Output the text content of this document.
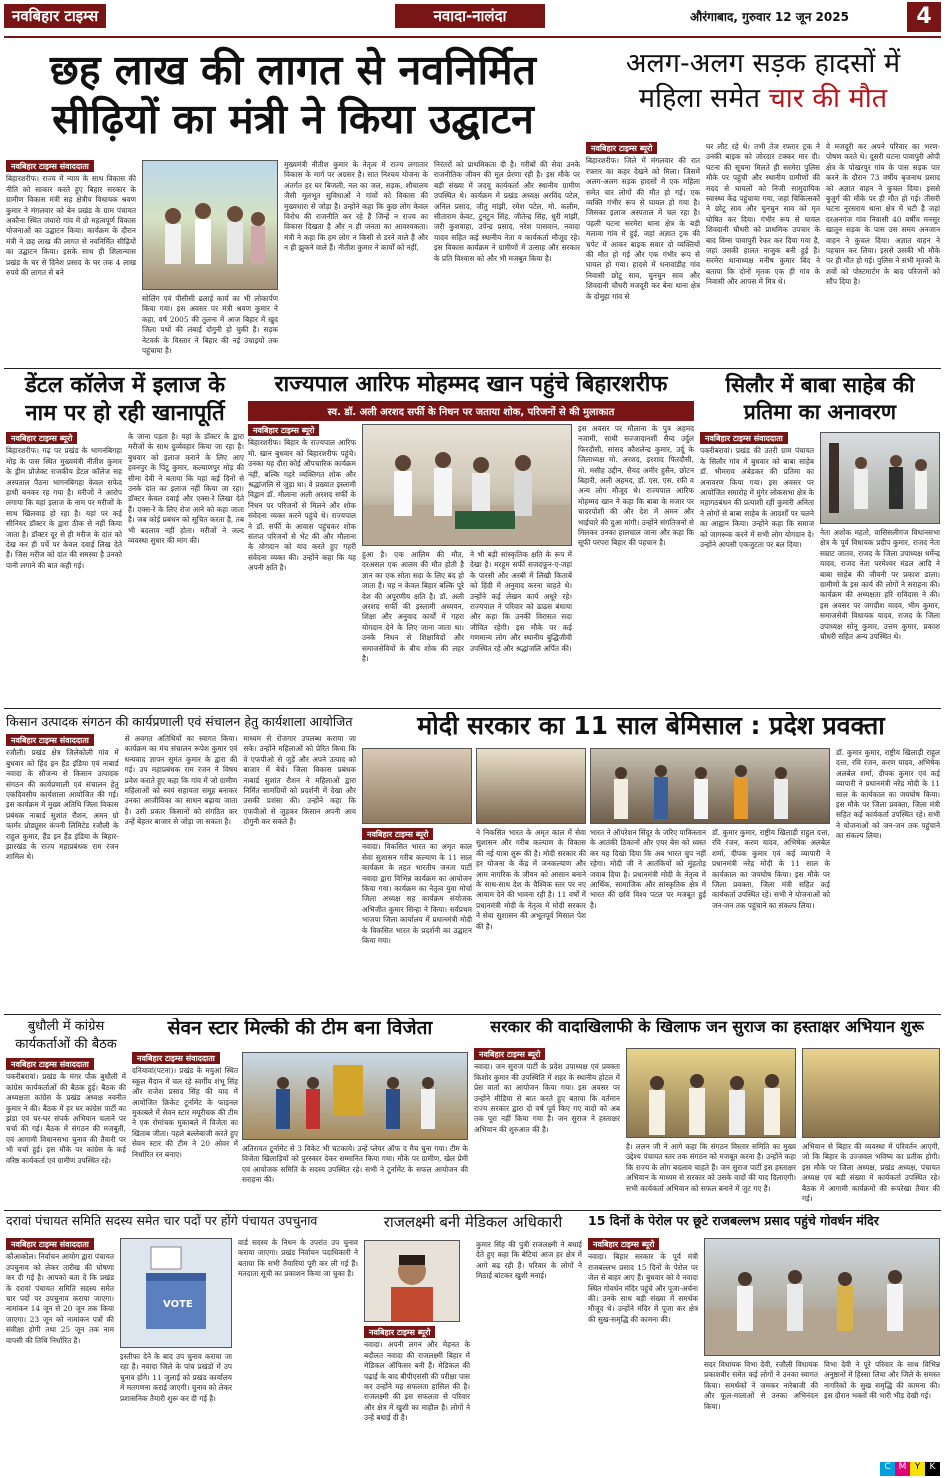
नवबिहार टाइम्स	नवादा-नालंदा	औरंगाबाद, गुरुवार 12 जून 2025	4
छह लाख की लागत से नवनिर्मित
सीढ़ियों का मंत्री ने किया उद्घाटन
नवबिहार टाइम्स संवाददाता
बिहारशरीफ। राज्य में न्याय के साथ विकास की नीति को साकार करते हुए बिहार सरकार के ग्रामीण विकास मंत्री सह क्षेत्रीय विधायक श्रवण कुमार ने मंगलवार को बेन प्रखंड के ग्राम पंचायत अकौना स्थित जंघारो गांव में दो महत्वपूर्ण विकास योजनाओं का उद्घाटन किया। कार्यक्रम के दौरान मंत्री ने छह लाख की लागत से नवनिर्मित सीढ़ियों का उद्घाटन किया। इसके साथ ही शिलान्यास प्रखंड के घर से दिनेश प्रसाद के घर तक 4 लाख रुपये की लागत से बने
सोलिंग एवं पीसीसी ढलाई कार्य का भी लोकार्पण किया गया। इस अवसर पर मंत्री श्रवण कुमार ने कहा, वर्ष 2005 की तुलना में आज बिहार में खुद जिला पथों की लंबाई दोगुनी हो चुकी है। सड़क नेटवर्क के विस्तार ने बिहार की नई उंचाइयों तक पहुंचाया है।
मुख्यमंत्री नीतीश कुमार के नेतृत्व में राज्य लगातार विकास के मार्ग पर अग्रसर है। सात निश्चय योजना के अंतर्गत हर घर बिजली, नल का जल, सड़क, शौचालय जैसी मूलभूत सुविधाओं ने गांवों को विकास की मुख्यधारा से जोड़ा है। उन्होंने कहा कि कुछ लोग केवल विरोध की राजनीति कर रहे हैं जिन्हें न राज्य का विकास दिखता है और न ही जनता का आवश्यकता। मंत्री ने कहा कि हम लोग न किसी से डरने वाले हैं और न ही झुकने वाले हैं। नीतीश कुमार ने कार्यों को नहीं,
निरंतरों को प्राथमिकता दी है। गरीबों की सेवा उनके राजनीतिक जीवन की मूल प्रेरणा रही है। इस मौके पर बड़ी संख्या में जदयू कार्यकर्ता और स्थानीय ग्रामीण उपस्थित थे। कार्यक्रम में प्रखंड अध्यक्ष अरविंद पटेल, अनिल प्रसाद, जीतु मांझी, रमेश पटेल, मो. कलीम, सीताराम केवट, टुनटुन सिंह, जीतेन्द्र सिंह, धुरी मांझी, जरी कुशवाहा, उपेन्द्र प्रसाद, नरेश पासवान, नवादा यादव सहित कई स्थानीय नेता व कार्यकर्ता मौजूद रहे। इस विकास कार्यक्रम ने ग्रामीणों में उत्साह और सरकार के प्रति विश्वास को और भी मजबूत किया है।
अलग-अलग सड़क हादसों में
महिला समेत चार की मौत
नवबिहार टाइम्स ब्यूरो
बिहारशरीफ। जिले में मंगलवार की रात रफ्तार का कहर देखने को मिला। जिसमें अलग-अलग सड़क हादसों में एक महिला समेत चार लोगों की मौत हो गई। एक व्यक्ति गंभीर रूप से घायल हो गया है। जिसका इलाज अस्पताल में चल रहा है। पहली घटना सरमेरा थाना क्षेत्र के बड़ी मलावा गांव में हुई, जहां अज्ञात ट्रक की चपेट में आकर बाइक सवार दो व्यक्तियों की मौत हो गई और एक गंभीर रूप से घायल हो गया। हादसे में धनावांडीह गांव निवासी छोटू साव, चुनचुन साव और शिवदानी चौधरी मजदूरी कर बेना थाना क्षेत्र के दोमुहा गांव से
घर लौट रहे थे। तभी तेज रफ्तार ट्रक ने उनकी बाइक को जोरदार टक्कर मार दी। घटना की सूचना मिलते ही सरमेरा पुलिस मौके पर पहुंची और स्थानीय ग्रामीणों की मदद से घायलों को निजी सामुदायिक स्वास्थ्य केंद्र पहुंचाया गया, जहां चिकित्सकों ने छोटू साव और चुनचुन साव को मृत घोषित कर दिया। गंभीर रूप से घायल शिवदानी चौधरी को प्राथमिक उपचार के बाद विम्स पावापुरी रेफर कर दिया गया है, जहां उसकी हालत नाजुक बनी हुई है। सरमेरा थानाध्यक्ष मनीष कुमार बिंद ने बताया कि दोनों मृतक एक ही गांव के निवासी और आपस में मित्र थे।
वे मजदूरी कर अपने परिवार का भरण-पोषण करते थे। दूसरी घटना पावापुरी ओपी क्षेत्र के पोखरपुर गांव के पास सड़क पार करने के दौरान 73 वर्षीय बृजनाथ प्रसाद को अज्ञात वाहन ने कुचल दिया। इससे बुजुर्ग की मौके पर ही मौत हो गई। तीसरी घटना नूरसराय थाना क्षेत्र में घटी है जहां दरअनगंज गांव निवासी 40 वर्षीय मनसूर खातून सड़क के पास उस समय अनजान वाहन ने कुचल दिया। अज्ञात वाहन ने पहचान कर लिया। इससे उसकी भी मौके पर ही मौत हो गई। पुलिस ने सभी मृतकों के शवों को पोस्टमार्टम के बाद परिजनों को सौंप दिया है।
डेंटल कॉलेज में इलाज के
नाम पर हो रही खानापूर्ति
नवबिहार टाइम्स ब्यूरो
बिहारशरीफ। गढ़ पर प्रखंड के भागनबिगहा मोड़ के पास स्थित मुख्यमंत्री नीतीश कुमार के ड्रीम प्रोजेक्ट राजकीय डेंटल कॉलेज सह अस्पताल पैठना भागनबिगहा केवल सफेद हाथी बनकर रह गया है। मरीजों ने आरोप लगाया कि यहां इलाज के नाम पर मरीजों के साथ खिलवाड़ हो रहा है। यहां पर कई सीनियर डॉक्टर के द्वारा ठीक से नहीं किया जाता है। डॉक्टर दूर से ही मरीज के दांत को देख कर ही पर्चे पर केवल दवाई लिख देते हैं। जिस मरीज को दांत की समस्या है उनको पानी लगाने की बात कही गई।
के जाना पड़ता है। यहां के डॉक्टर के द्वारा मरीजों के साथ दुर्व्यवहार किया जा रहा है। बुधवार को इलाज कराने के लिए आए हवनपुर के पिंटू कुमार, कल्याणपुर मोड़ की सीमा देवी ने बताया कि यहां कई दिनों से उनके दांत का इलाज नहीं किया जा रहा। डॉक्टर केवल दवाई और एक्स-रे लिखा देते हैं। एक्स-रे के लिए रोज आने को कहा जाता है। जब कोई प्रबंधन को सूचित करता है, तब भी बदलाव नहीं होता। मरीजों ने जल्द व्यवस्था सुधार की मांग की।
राज्यपाल आरिफ मोहम्मद खान पहुंचे बिहारशरीफ
स्व. डॉ. अली अरशद सर्फी के निधन पर जताया शोक, परिजनों से की मुलाकात
नवबिहार टाइम्स ब्यूरो
बिहारशरीफ। बिहार के राज्यपाल आरिफ मो. खान बुधवार को बिहारशरीफ पहुंचे। उनका यह दौरा कोई औपचारिक कार्यक्रम नहीं, बल्कि गहरे व्यक्तिगत शोक और श्रद्धांजलि से जुड़ा था। वे प्रख्यात इस्लामी विद्वान डॉ. मौलाना अली अरशद सर्फी के निधन पर परिजनों से मिलने और शोक संवेदना व्यक्त करने पहुंचे थे। राज्यपाल ने डॉ. सर्फी के आवास पहुंचकर शोक संतप्त परिजनों से भेंट की और मौलाना के योगदान को याद करते हुए गहरी संवेदना व्यक्त की। उन्होंने कहा कि यह अपनी क्षति है।
हुआ है। एक आलिम की मौत, दरअसल एक आलम की मौत होती है ज्ञान का एक सोता सदा के लिए बंद हो जाता है। यह न केवल बिहार बल्कि पूरे देश की अपूरणीय क्षति है। डॉ. अली अरशद सर्फी की इस्लामी अध्ययन, शिक्षा और अनुवाद कार्यों में गहरा योगदान देने के लिए जाना जाता था। उनके निधन से शिक्षाविदों और समाजसेवियों के बीच शोक की लहर है।
ने भी बड़ी सांस्कृतिक क्षति के रूप में देखा है। मरहूम सर्फी सजदफून-ए-जहां के पारसी और अरबी में लिखी किताबें को हिंदी में अनुवाद करना चाहते थे। उन्होंने कई लेखन कार्य अधूरे रहे। राज्यपाल ने परिवार को ढाढस बंधाया और कहा कि उनकी विरासत सदा जीवित रहेगी। इस मौके पर कई गणमान्य लोग और स्थानीय बुद्धिजीवी उपस्थित रहे और श्रद्धांजलि अर्पित की।
इस अवसर पर मौलाना के पुत्र अहमद नजामी, साथी सज्जादानशीं सैय्द उर्दुल फिरदौसी, सांसद कौशलेन्द्र कुमार, उर्दू के जिलाध्यक्ष मो. अरशद, इरशाद फिरदौसी, मो. मसीह उद्दीन, सैयद अमीर हुसैन, छोटन बिहारी, अली अहमद, डॉ. एस. एस. रफी व अन्य लोग मौजूद थे। राज्यपाल आरिफ मोहम्मद खान ने कहा कि बाबा के मजार पर चादरपोशी की और देश में अमन और भाईचारे की दुआ मांगी। उन्होंने संगतिजनों से मिलकर उनका हालचाल जाना और कहा कि सूफी परंपरा बिहार की पहचान है।
सिलौर में बाबा साहेब की
प्रतिमा का अनावरण
नवबिहार टाइम्स संवाददाता
पकरीबरावां। प्रखंड की उतरी ग्राम पंचायत के सिलौर गांव में बुधवार को बाबा साहेब डॉ. भीमराव अंबेडकर की प्रतिमा का अनावरण किया गया। इस अवसर पर आयोजित समारोह में मुंगेर लोकसभा क्षेत्र के महागठबंधन की प्रत्याशी रहीं कुमारी अनिता ने लोगों से बाबा साहेब के आदर्शों पर चलने का आह्वान किया। उन्होंने कहा कि समाज को जागरूक करने में सभी लोग योगदान दें। उन्होंने आपसी एकजुटता पर बल दिया।
नेता अशोक महतो, वासिसलीगंज विधानसभा क्षेत्र के पूर्व विधायक प्रदीप कुमार, राजद नेता सम्राट जातव, राजद के जिला उपाध्यक्ष धर्मेन्द्र यादव, राजद नेता परमेश्वर मंडल आदि ने बाबा साहेब की जीवनी पर प्रकाश डाला। ग्रामीणों के इस कार्य की लोगों ने सराहना की। कार्यक्रम की अध्यक्षता हरि राविदास ने की। इस अवसर पर जगदीश यादव, भीम कुमार, समाजसेवी विधायक यादव, राजद के जिला उपाध्यक्ष सोनू कुमार, उत्तम कुमार, प्रकाश चौधरी सहित अन्य उपस्थित थे।
किसान उत्पादक संगठन की कार्यप्रणाली एवं संचालन हेतु कार्यशाला आयोजित
नवबिहार टाइम्स संवाददाता
रजौली। प्रखंड क्षेत्र जिलेकोली गांव में बुधवार को हिंद इन हैंड इंडिया एवं नाबार्ड नवादा के सौजन्य से किसान उत्पादक संगठन की कार्यप्रणाली एवं संचालन हेतु एकदिवसीय कार्यशाला आयोजित की गई। इस कार्यक्रम में मुख्य अतिथि जिला विकास प्रबंधक नाबार्ड सुशांत रौशन, अमन ग्रो फार्मर प्रोड्यूसर कंपनी लिमिटेड रजौली के राहुल कुमार, हैंड इन हैंड इंडिया के बिहार-झारखंड के राज्य महाप्रबंधक राम रंजन शामिल थे।
से अवगत अतिथियों का स्वागत किया। कार्यक्रम का मंच संचालन रूपेश कुमार एवं धन्यवाद ज्ञापन सुमंत कुमार के द्वारा की गई। उप महाप्रबंधक राम रंजन ने विषय प्रवेश कराते हुए कहा कि गांव में जो ग्रामीण महिलाओं को स्वयं सहायता समूह बनाकर उनका आजीविका का साधन बढ़ाया जाता है। उसी प्रकार किसानों को संगठित कर उन्हें बेहतर बाजार से जोड़ा जा सकता है।
माध्यम से रोजगार उपलब्ध कराया जा सके। उन्होंने महिलाओं को प्रेरित किया कि वे एफपीओ से जुड़ें और अपने उत्पाद को बाजार में बेचें। जिला विकास प्रबंधक नाबार्ड सुशांत रौशन ने महिलाओं द्वारा निर्मित सामग्रियों को प्रदर्शनी में देखा और उसकी प्रशंसा की। उन्होंने कहा कि एफपीओ से जुड़कर किसान अपनी आय दोगुनी कर सकते हैं।
मोदी सरकार का 11 साल बेमिसाल : प्रदेश प्रवक्ता
नवबिहार टाइम्स ब्यूरो
नवादा। विकसित भारत का अमृत काल सेवा सुशासन गरीब कल्याण के 11 साल कार्यक्रम के तहत भारतीय जनता पार्टी नवादा द्वारा विभिन्न कार्यक्रम का आयोजन किया गया। कार्यक्रम का नेतृत्व युवा मोर्चा जिला अध्यक्ष सह कार्यक्रम संयोजक अभिजीत कुमार सिन्हा ने किया। सर्वप्रथम भाजपा जिला कार्यालय में प्रधानमंत्री मोदी के विकसित भारत के प्रदर्शनी का उद्घाटन किया गया।
ने निकसित भारत के अमृत काल में सेवा सुशासन और गरीब कल्याण के विकास की नई यात्रा शुरू की है। मोदी सरकार की हर योजना के केंद्र में जनकल्याण और आम नागरिक के जीवन को आसान बनाने के साथ-साथ देश के वैश्विक स्तर पर नए आयाम देने की भावना रही है। 11 वर्षों में प्रधानमंत्री मोदी के नेतृत्व में मोदी सरकार ने सेवा सुशासन की अभूतपूर्व मिसाल पेश की है।
भारत ने ऑपरेशन सिंदूर के जरिए पाकिस्तान के आतंकी ठिकानों और एयर बेस को ध्वस्त कर यह दिखा दिया कि अब भारत चुप नहीं रहेगा। मोदी जी ने आतंकियों को मुंहतोड़ जवाब दिया है। प्रधानमंत्री मोदी के नेतृत्व में आर्थिक, सामाजिक और सांस्कृतिक क्षेत्र में भारत की छवि विश्व पटल पर मजबूत हुई है।
डॉ. कुमार कुमार, राष्ट्रीय खिलाड़ी राहुल दत्ता, रवि रंजन, करण यादव, अभिषेक अलबेल शर्मा, दीपक कुमार एवं कई व्यापारी ने प्रधानमंत्री नरेंद्र मोदी के 11 साल के कार्यकाल का जयघोष किया। इस मौके पर जिला प्रवक्ता, जिला मंत्री सहित कई कार्यकर्ता उपस्थित रहे। सभी ने योजनाओं को जन-जन तक पहुंचाने का संकल्प लिया।
डॉ. कुमार कुमार, राष्ट्रीय खिलाड़ी राहुल दत्ता, रवि रंजन, करण यादव, अभिषेक अलबेल शर्मा, दीपक कुमार एवं कई व्यापारी ने प्रधानमंत्री नरेंद्र मोदी के 11 साल के कार्यकाल का जयघोष किया। इस मौके पर जिला प्रवक्ता, जिला मंत्री सहित कई कार्यकर्ता उपस्थित रहे। सभी ने योजनाओं को जन-जन तक पहुंचाने का संकल्प लिया।
बुधौली में कांग्रेस
कार्यकर्ताओं की बैठक
नवबिहार टाइम्स संवाददाता
पकरीबरावां। प्रखंड के मंगर पौक बुधौली में कांग्रेस कार्यकर्ताओं की बैठक हुई। बैठक की अध्यक्षता कांग्रेस के प्रखंड अध्यक्ष नवनीत कुमार ने की। बैठक में हर घर कांग्रेस पार्टी का झंडा एवं घर-घर संपर्क अभियान चलाने पर चर्चा की गई। बैठक में संगठन की मजबूती, एवं आगामी विधानसभा चुनाव की तैयारी पर भी चर्चा हुई। इस मौके पर कांग्रेस के कई वरिष्ठ कार्यकर्ता एवं ग्रामीण उपस्थित रहे।
सेवन स्टार मिल्की की टीम बना विजेता
नवबिहार टाइम्स संवाददाता
दनियावां(पटना)। प्रखंड के मयुआं स्थित स्कूल मैदान में चल रहे स्वर्गीय शंभू सिंह और राजेश प्रसाद सिंह की याद में आयोजित क्रिकेट टूर्नामेंट के फाइनल मुकाबले में सेवन स्टार मयूरीचक की टीम ने एक रोमांचक मुकाबले में विजेता का खिताब जीता। पहले बल्लेबाजी करते हुए सेवन स्टार की टीम ने 20 ओवर में निर्धारित रन बनाए।
अतिरायत टूर्नामेंट से 3 विकेट भी चटकाये। उन्हें प्लेयर ऑफ द मैच चुना गया। टीम के विजेता खिलाड़ियों को पुरस्कार देकर सम्मानित किया गया। मौके पर ग्रामीण, खेल प्रेमी एवं आयोजक समिति के सदस्य उपस्थित रहे। सभी ने टूर्नामेंट के सफल आयोजन की सराहना की।
सरकार की वादाखिलाफी के खिलाफ जन सुराज का हस्ताक्षर अभियान शुरू
नवबिहार टाइम्स ब्यूरो
नवादा। जन सुराज पार्टी के प्रदेश उपाध्यक्ष एवं प्रवक्ता किशोर कुमार की उपस्थिति में शहर के स्थानीय होटल में प्रेस वार्ता का आयोजन किया गया। इस अवसर पर उन्होंने मीडिया से बात करते हुए बताया कि वर्तमान राज्य सरकार द्वारा दो वर्ष पूर्व किए गए वादों को अब तक पूरा नहीं किया गया है। जन सुराज ने हस्ताक्षर अभियान की शुरुआत की है।
है। ललन जी ने आगे कहा कि संगठन विस्तार समिति का मुख्य उद्देश्य पंचायत स्तर तक संगठन को मजबूत करना है। उन्होंने कहा कि राज्य के लोग बदलाव चाहते हैं। जन सुराज पार्टी इस हस्ताक्षर अभियान के माध्यम से सरकार को उसके वादों की याद दिलाएगी। सभी कार्यकर्ता अभियान को सफल बनाने में जुट गए हैं।
अभियान से बिहार की व्यवस्था में परिवर्तन आएगी, जो कि बिहार के उज्जवल भविष्य का प्रतीक होगी। इस मौके पर जिला अध्यक्ष, प्रखंड अध्यक्ष, पंचायत अध्यक्ष एवं बड़ी संख्या में कार्यकर्ता उपस्थित रहे। बैठक में आगामी कार्यक्रमों की रूपरेखा तैयार की गई।
दरावां पंचायत समिति सदस्य समेत चार पदों पर होंगे पंचायत उपचुनाव
नवबिहार टाइम्स संवाददाता
कौआकोल। निर्वाचन आयोग द्वारा पंचायत उपचुनाव को लेकर तारीख की घोषणा कर दी गई है। आपको बता दें कि प्रखंड के दरावां पंचायत समिति सदस्य समेत चार पदों पर उपचुनाव कराया जाएगा। नामांकन 14 जून से 20 जून तक किया जाएगा। 23 जून को नामांकन पत्रों की संवीक्षा होगी तथा 25 जून तक नाम वापसी की तिथि निर्धारित है।
VOTE
इस्तीफा देने के बाद उप चुनाव कराया जा रहा है। नवादा जिले के पांच प्रखंडों में उप चुनाव होंगे। 11 जुलाई को प्रखंड कार्यालय में मतगणना कराई जाएगी। चुनाव को लेकर प्रशासनिक तैयारी शुरू कर दी गई है।
वार्ड सदस्य के निधन के उपरांत उप चुनाव कराया जाएगा। प्रखंड निर्वाचन पदाधिकारी ने बताया कि सभी तैयारियां पूरी कर ली गई हैं। मतदाता सूची का प्रकाशन किया जा चुका है।
राजलक्ष्मी बनी मेडिकल अधिकारी
नवबिहार टाइम्स ब्यूरो
नवादा। अपनी लगन और मेहनत के बदौलत नवादा की राजलक्ष्मी बिहार में मेडिकल ऑफिसर बनी हैं। मेडिकल की पढ़ाई के बाद बीपीएससी की परीक्षा पास कर उन्होंने यह सफलता हासिल की है। राजलक्ष्मी की इस सफलता से परिवार और क्षेत्र में खुशी का माहौल है। लोगों ने उन्हें बधाई दी है।
कुमार सिंह की पुत्री राजलक्ष्मी ने बधाई देते हुए कहा कि बेटियां आज हर क्षेत्र में आगे बढ़ रही हैं। परिवार के लोगों ने मिठाई बांटकर खुशी मनाई।
15 दिनों के पेरोल पर छूटे राजबल्लभ प्रसाद पहुंचे गोवर्धन मंदिर
नवबिहार टाइम्स ब्यूरो
नवादा। बिहार सरकार के पूर्व मंत्री राजबल्लभ प्रसाद 15 दिनों के पेरोल पर जेल से बाहर आए हैं। बुधवार को वे नवादा स्थित गोवर्धन मंदिर पहुंचे और पूजा-अर्चना की। उनके साथ बड़ी संख्या में समर्थक मौजूद थे। उन्होंने मंदिर में पूजा कर क्षेत्र की सुख-समृद्धि की कामना की।
सदर विधायक विभा देवी, रजौली विधायक प्रकाशवीर समेत कई लोगों ने उनका स्वागत किया। समर्थकों ने जमकर नारेबाजी की और फूल-मालाओं से उनका अभिनंदन किया।
विभा देवी ने पूरे परिवार के साथ विभिन्न अनुष्ठानों में हिस्सा लिया और जिले के समस्त नागरिकों के सुख समृद्धि की कामना की। इस दौरान भक्तों की भारी भीड़ देखी गई।
C M Y	K
